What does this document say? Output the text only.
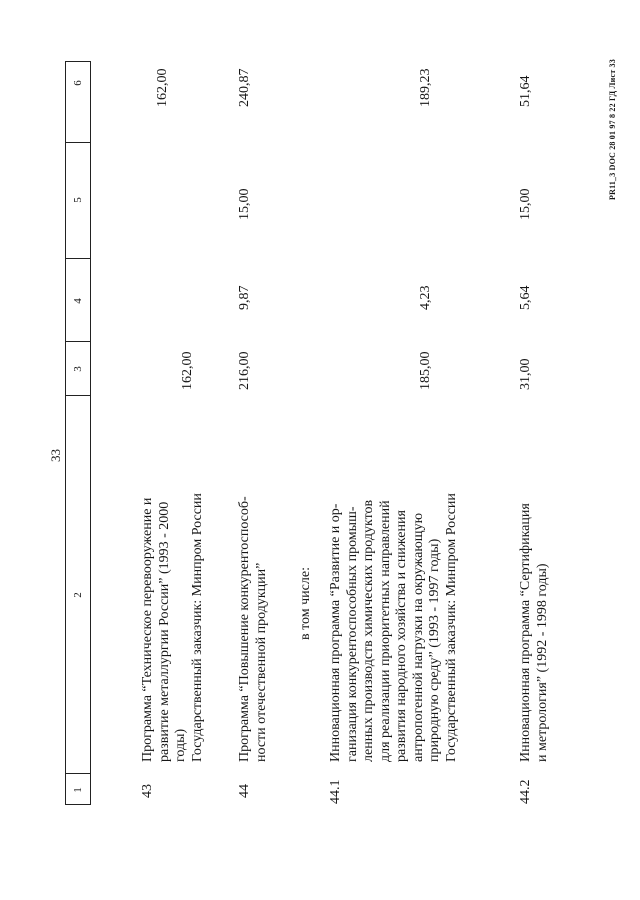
33
1
2
3
4
5
6
43
Программа “Техническое перевооружение и развитие металлургии России” (1993 - 2000 годы) Государственный заказчик: Минпром России
162,00
162,00
44
Программа “Повышение конкурентоспособ- ности отечественной продукции”
216,00
9,87
15,00
240,87
в том числе:
44.1
Инновационная программа “Развитие и ор- ганизация конкурентоспособных промыш- ленных производств химических продуктов для реализации приоритетных направлений развития народного хозяйства и снижения антропогенной нагрузки на окружающую природную среду” (1993 - 1997 годы) Государственный заказчик: Минпром России
185,00
4,23
189,23
44.2
Инновационная программа “Сертификация и метрология” (1992 - 1998 годы)
31,00
5,64
15,00
51,64	PR11_3 DOC 28 01 97 8 22 ГД Лист 33
